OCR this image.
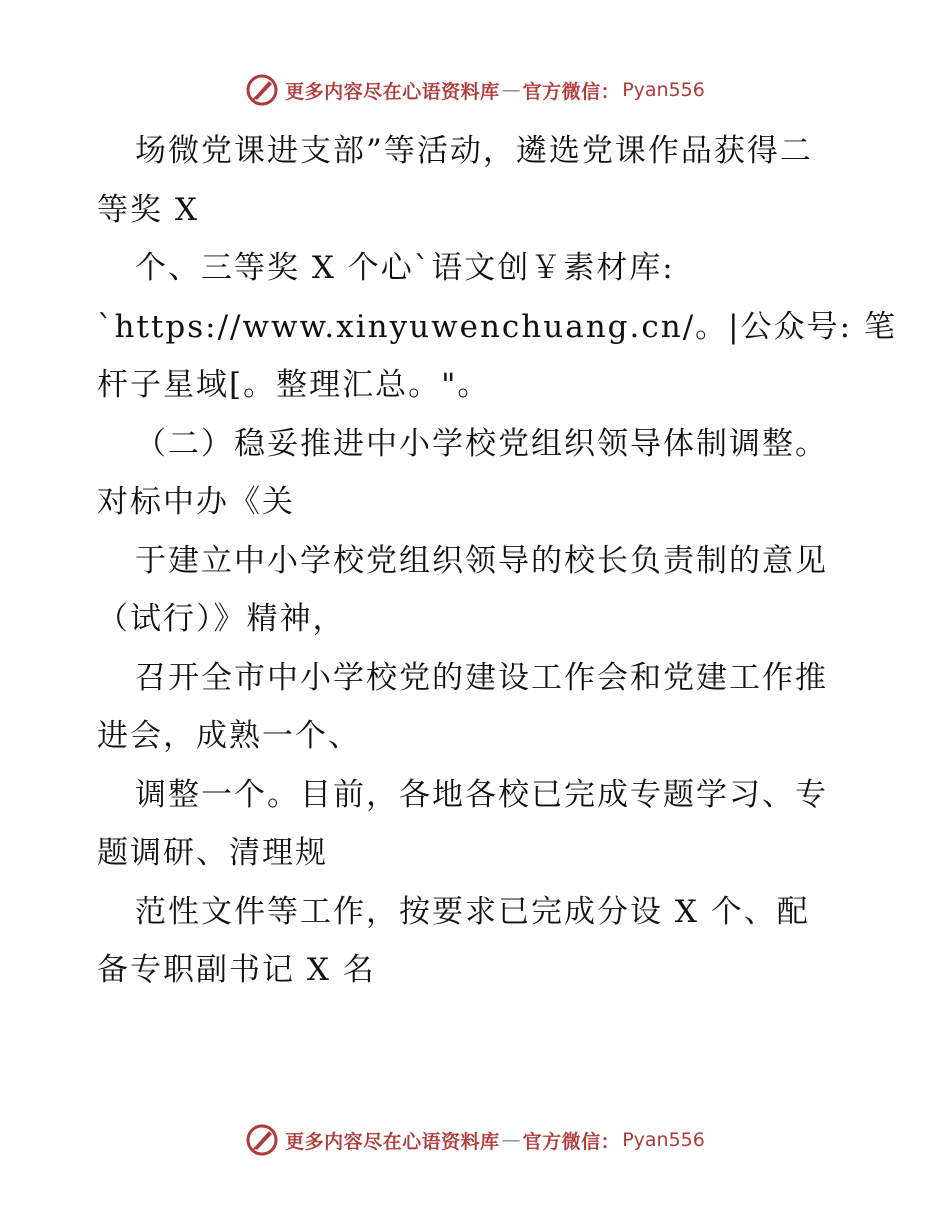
更多内容尽在心语资料库 — 官方微信： Pyan556
场微党课进支部”等活动，遴选党课作品获得二
等奖 X
个、三等奖 X 个心`语文创￥素材库:
`https://www.xinyuwenchuang.cn/。|公众号: 笔
杆子星域[。整理汇总。"。
（二）稳妥推进中小学校党组织领导体制调整。
对标中办《关
于建立中小学校党组织领导的校长负责制的意见
（试行）》精神，
召开全市中小学校党的建设工作会和党建工作推
进会，成熟一个、
调整一个。目前，各地各校已完成专题学习、专
题调研、清理规
范性文件等工作，按要求已完成分设 X 个、配
备专职副书记 X 名
更多内容尽在心语资料库 — 官方微信： Pyan556
